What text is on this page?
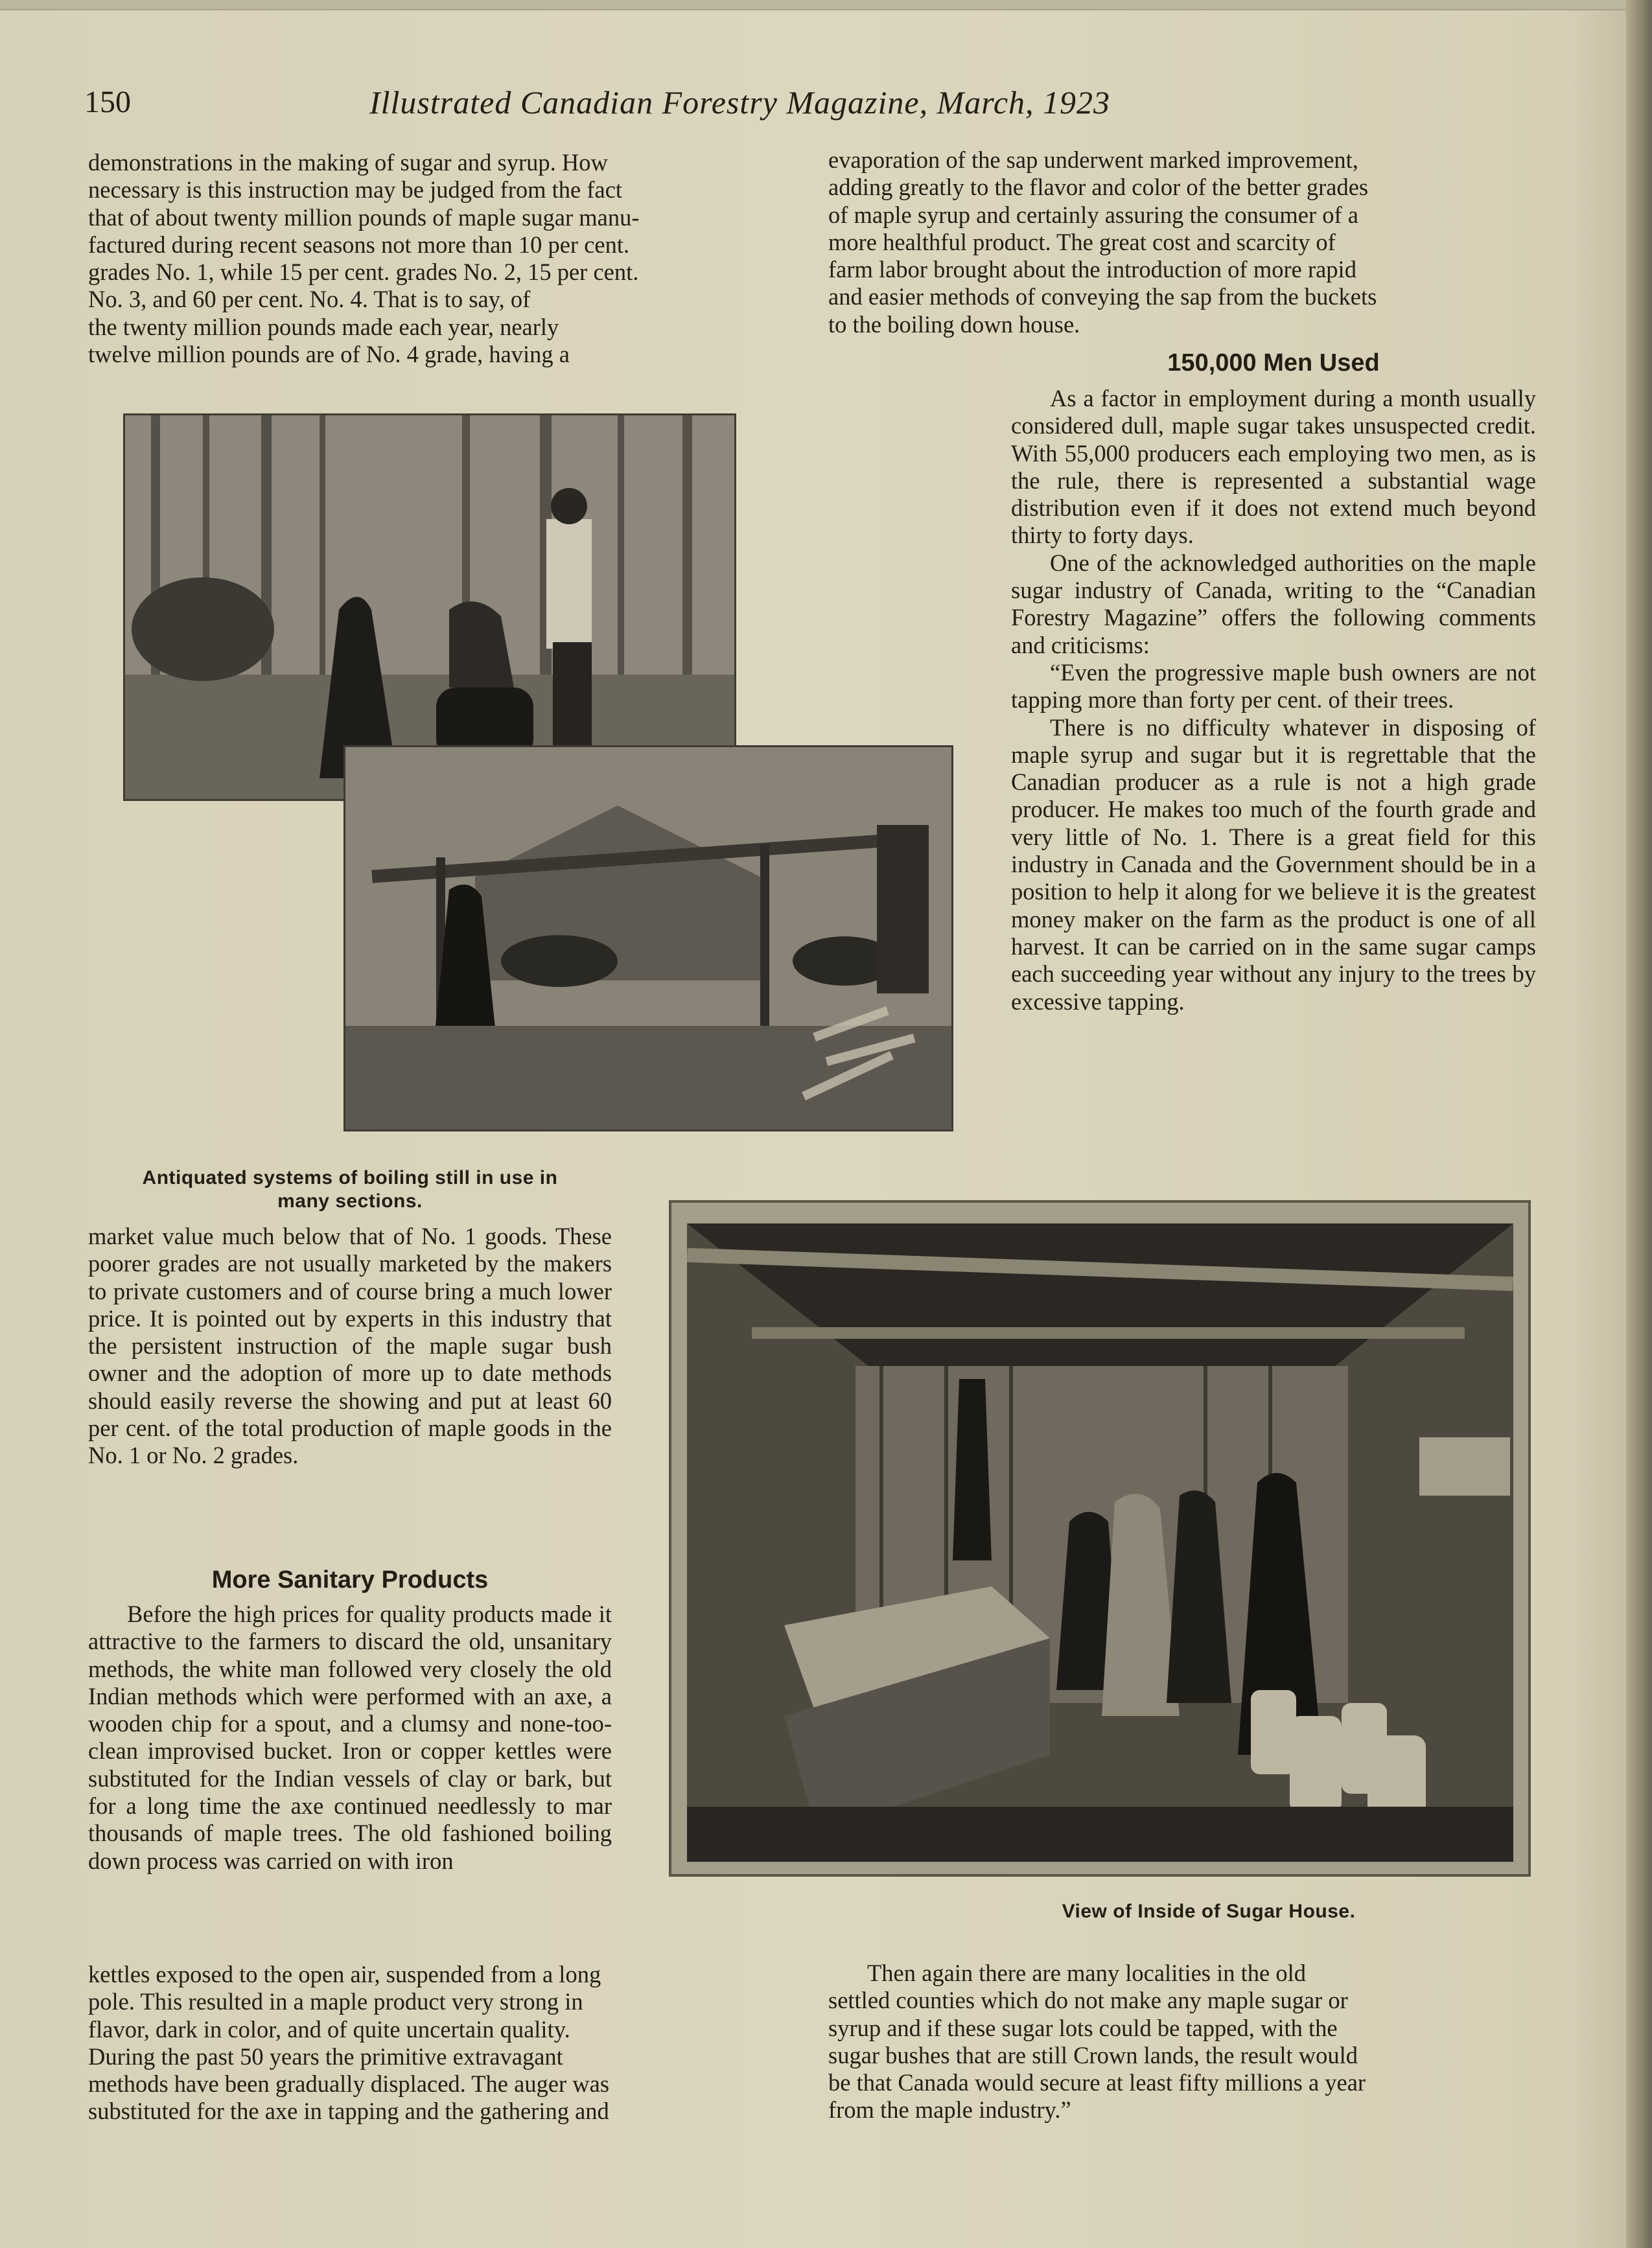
150	Illustrated Canadian Forestry Magazine, March, 1923
demonstrations in the making of sugar and syrup. How
necessary is this instruction may be judged from the fact
that of about twenty million pounds of maple sugar manu-
factured during recent seasons not more than 10 per cent.
grades No. 1, while 15 per cent. grades No. 2, 15 per cent.
No. 3, and 60 per cent. No. 4. That is to say, of
the twenty million pounds made each year, nearly
twelve million pounds are of No. 4 grade, having a
evaporation of the sap underwent marked improvement,
adding greatly to the flavor and color of the better grades
of maple syrup and certainly assuring the consumer of a
more healthful product. The great cost and scarcity of
farm labor brought about the introduction of more rapid
and easier methods of conveying the sap from the buckets
to the boiling down house.
150,000 Men Used

As a factor in employment during a month usually considered dull, maple sugar takes unsuspected credit. With 55,000 producers each employing two men, as is the rule, there is represented a substantial wage distribution even if it does not extend much beyond thirty to forty days.

One of the acknowledged authorities on the maple sugar industry of Canada, writing to the “Canadian Forestry Magazine” offers the following comments and criticisms:

“Even the progressive maple bush owners are not tapping more than forty per cent. of their trees.

There is no difficulty whatever in disposing of maple syrup and sugar but it is regrettable that the Canadian producer as a rule is not a high grade producer. He makes too much of the fourth grade and very little of No. 1. There is a great field for this industry in Canada and the Government should be in a position to help it along for we believe it is the greatest money maker on the farm as the product is one of all harvest. It can be carried on in the same sugar camps each succeeding year without any injury to the trees by excessive tapping.

Antiquated systems of boiling still in use in
many sections.

market value much below that of No. 1 goods. These poorer grades are not usually marketed by the makers to private customers and of course bring a much lower price. It is pointed out by experts in this industry that the persistent instruction of the maple sugar bush owner and the adoption of more up to date methods should easily reverse the showing and put at least 60 per cent. of the total production of maple goods in the No. 1 or No. 2 grades.

More Sanitary Products

Before the high prices for quality products made it attractive to the farmers to discard the old, unsanitary methods, the white man followed very closely the old Indian methods which were performed with an axe, a wooden chip for a spout, and a clumsy and none-too-clean improvised bucket. Iron or copper kettles were substituted for the Indian vessels of clay or bark, but for a long time the axe continued needlessly to mar thousands of maple trees. The old fashioned boiling down process was carried on with iron

View of Inside of Sugar House.
kettles exposed to the open air, suspended from a long
pole. This resulted in a maple product very strong in
flavor, dark in color, and of quite uncertain quality.
During the past 50 years the primitive extravagant
methods have been gradually displaced. The auger was
substituted for the axe in tapping and the gathering and
Then again there are many localities in the old
settled counties which do not make any maple sugar or
syrup and if these sugar lots could be tapped, with the
sugar bushes that are still Crown lands, the result would
be that Canada would secure at least fifty millions a year
from the maple industry.”
